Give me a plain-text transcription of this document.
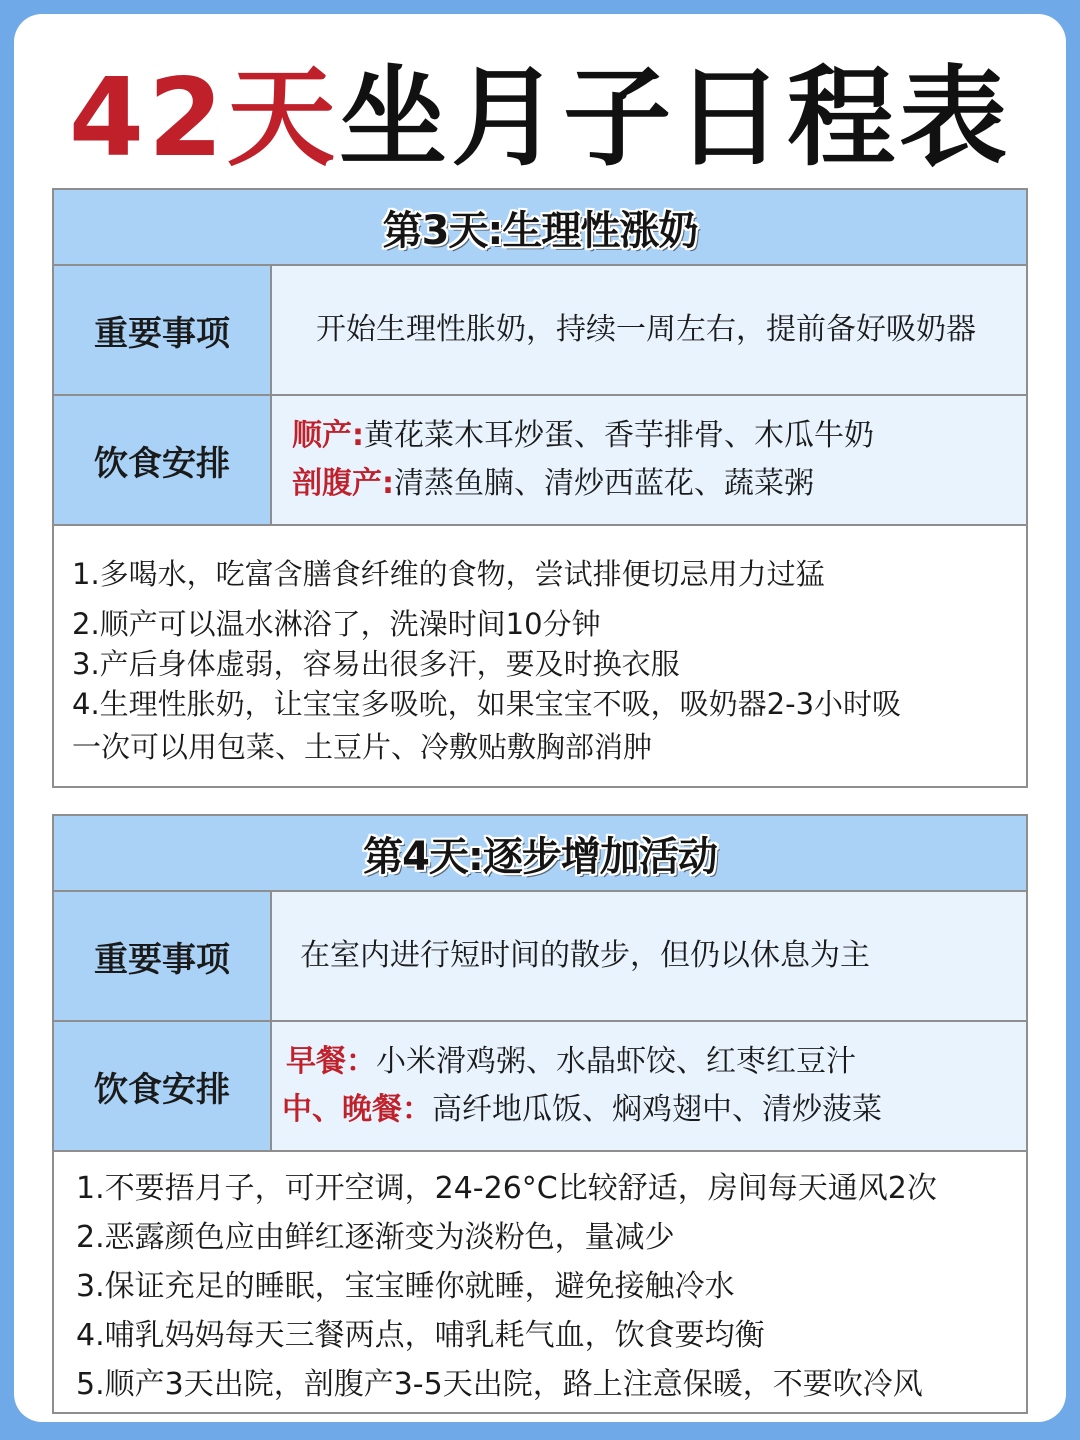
42天坐月子日程表
第3天:生理性涨奶
重要事项	开始生理性胀奶，持续一周左右，提前备好吸奶器
饮食安排
顺产:黄花菜木耳炒蛋、香芋排骨、木瓜牛奶
剖腹产:清蒸鱼腩、清炒西蓝花、蔬菜粥
1.多喝水，吃富含膳食纤维的食物，尝试排便切忌用力过猛
2.顺产可以温水淋浴了，洗澡时间10分钟
3.产后身体虚弱，容易出很多汗，要及时换衣服
4.生理性胀奶，让宝宝多吸吮，如果宝宝不吸，吸奶器2-3小时吸
一次可以用包菜、土豆片、冷敷贴敷胸部消肿
第4天:逐步增加活动
重要事项	在室内进行短时间的散步，但仍以休息为主
饮食安排
早餐：小米滑鸡粥、水晶虾饺、红枣红豆汁
中、晚餐：高纤地瓜饭、焖鸡翅中、清炒菠菜
1.不要捂月子，可开空调，24-26°C比较舒适，房间每天通风2次
2.恶露颜色应由鲜红逐渐变为淡粉色，量减少
3.保证充足的睡眠，宝宝睡你就睡，避免接触冷水
4.哺乳妈妈每天三餐两点，哺乳耗气血，饮食要均衡
5.顺产3天出院，剖腹产3-5天出院，路上注意保暖，不要吹冷风
